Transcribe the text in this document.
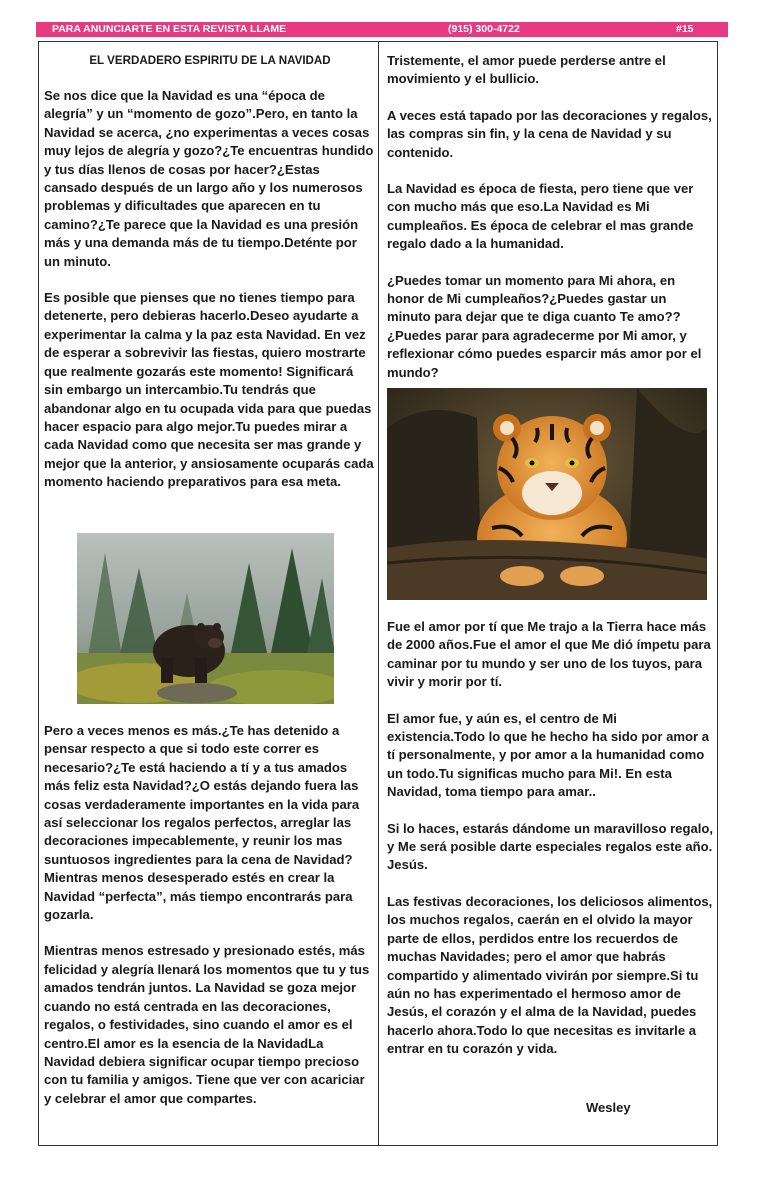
PARA ANUNCIARTE EN ESTA REVISTA LLAME	(915) 300-4722	#15
EL VERDADERO ESPIRITU DE LA NAVIDAD

Se nos dice que la Navidad es una “época de alegría” y un “momento de gozo”.Pero, en tanto la Navidad se acerca, ¿no experimentas a veces cosas muy lejos de alegría y gozo?¿Te encuentras hundido y tus días llenos de cosas por hacer?¿Estas cansado después de un largo año y los numerosos problemas y dificultades que aparecen en tu camino?¿Te parece que la Navidad es una presión más y una demanda más de tu tiempo.Deténte por un minuto.

Es posible que pienses que no tienes tiempo para detenerte, pero debieras hacerlo.Deseo ayudarte a experimentar la calma y la paz esta Navidad. En vez de esperar a sobrevivir las fiestas, quiero mostrarte que realmente gozarás este momento! Significará sin embargo un intercambio.Tu tendrás que abandonar algo en tu ocupada vida para que puedas hacer espacio para algo mejor.Tu puedes mirar a cada Navidad como que necesita ser mas grande y mejor que la anterior, y ansiosamente ocuparás cada momento haciendo preparativos para esa meta.

Pero a veces menos es más.¿Te has detenido a pensar respecto a que si todo este correr es necesario?¿Te está haciendo a tí y a tus amados más feliz esta Navidad?¿O estás dejando fuera las cosas verdaderamente importantes en la vida para así seleccionar los regalos perfectos, arreglar las decoraciones impecablemente, y reunir los mas suntuosos ingredientes para la cena de Navidad? Mientras menos desesperado estés en crear la Navidad “perfecta”, más tiempo encontrarás para gozarla.

Mientras menos estresado y presionado estés, más felicidad y alegría llenará los momentos que tu y tus amados tendrán juntos. La Navidad se goza mejor cuando no está centrada en las decoraciones, regalos, o festividades, sino cuando el amor es el centro.El amor es la esencia de la NavidadLa Navidad debiera significar ocupar tiempo precioso con tu familia y amigos. Tiene que ver con acariciar y celebrar el amor que compartes.

Tristemente, el amor puede perderse antre el movimiento y el bullicio.

A veces está tapado por las decoraciones y regalos, las compras sin fin, y la cena de Navidad y su contenido.

La Navidad es época de fiesta, pero tiene que ver con mucho más que eso.La Navidad es Mi cumpleaños. Es época de celebrar el mas grande regalo dado a la humanidad.

¿Puedes tomar un momento para Mi ahora, en honor de Mi cumpleaños?¿Puedes gastar un minuto para dejar que te diga cuanto Te amo??¿Puedes parar para agradecerme por Mi amor, y reflexionar cómo puedes esparcir más amor por el mundo?

Fue el amor por tí que Me trajo a la Tierra hace más de 2000 años.Fue el amor el que Me dió ímpetu para caminar por tu mundo y ser uno de los tuyos, para vivir y morir por tí.

El amor fue, y aún es, el centro de Mi existencia.Todo lo que he hecho ha sido por amor a tí personalmente, y por amor a la humanidad como un todo.Tu significas mucho para Mi!. En esta Navidad, toma tiempo para amar..

Si lo haces, estarás dándome un maravilloso regalo, y Me será posible darte especiales regalos este año. Jesús.

Las festivas decoraciones, los deliciosos alimentos, los muchos regalos, caerán en el olvido la mayor parte de ellos, perdidos entre los recuerdos de muchas Navidades; pero el amor que habrás compartido y alimentado vivirán por siempre.Si tu aún no has experimentado el hermoso amor de Jesús, el corazón y el alma de la Navidad, puedes hacerlo ahora.Todo lo que necesitas es invitarle a entrar en tu corazón y vida.

Wesley
